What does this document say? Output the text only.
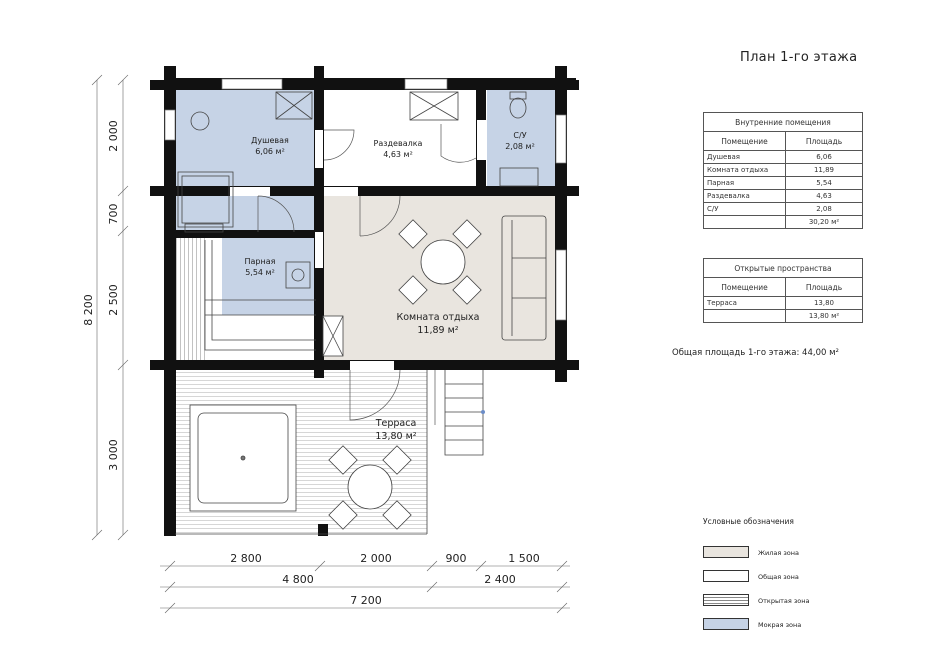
Душевая
6,06 м²
Раздевалка
4,63 м²
С/У
2,08 м²
Парная
5,54 м²
Комната отдыха
11,89 м²
Терраса
13,80 м²
2 000
700
2 500
3 000
8 200
2 800	2 000	900	1 500
4 800	2 400
7 200
План 1-го этажа
Внутренние помещения	
Помещение	Площадь
Душевая	6,06
Комната отдыха	11,89
Парная	5,54
Раздевалка	4,63
С/У	2,08
	30,20 м²
Открытые пространства	
Помещение	Площадь
Терраса	13,80
	13,80 м²
Общая площадь 1-го этажа: 44,00 м²
Условные обозначения
Жилая зона
Общая зона
Открытая зона
Мокрая зона
